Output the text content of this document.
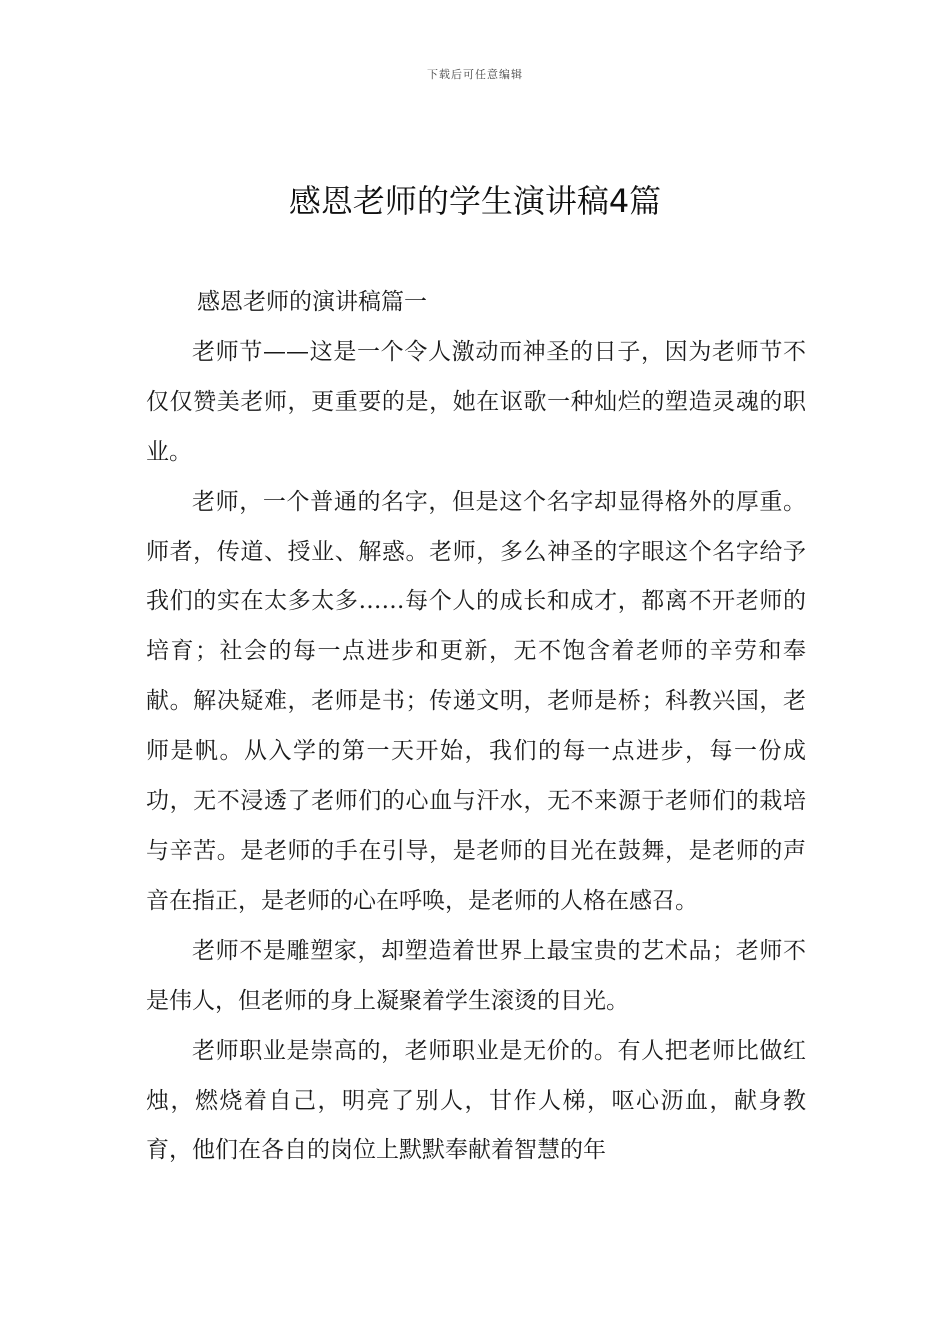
下载后可任意编辑
感恩老师的学生演讲稿4篇
感恩老师的演讲稿篇一

老师节——这是一个令人激动而神圣的日子，因为老师节不仅仅赞美老师，更重要的是，她在讴歌一种灿烂的塑造灵魂的职业。

老师，一个普通的名字，但是这个名字却显得格外的厚重。师者，传道、授业、解惑。老师，多么神圣的字眼这个名字给予我们的实在太多太多……每个人的成长和成才，都离不开老师的培育；社会的每一点进步和更新，无不饱含着老师的辛劳和奉献。解决疑难，老师是书；传递文明，老师是桥；科教兴国，老师是帆。从入学的第一天开始，我们的每一点进步，每一份成功，无不浸透了老师们的心血与汗水，无不来源于老师们的栽培与辛苦。是老师的手在引导，是老师的目光在鼓舞，是老师的声音在指正，是老师的心在呼唤，是老师的人格在感召。

老师不是雕塑家，却塑造着世界上最宝贵的艺术品；老师不是伟人，但老师的身上凝聚着学生滚烫的目光。

老师职业是崇高的，老师职业是无价的。有人把老师比做红烛，燃烧着自己，明亮了别人，甘作人梯，呕心沥血，献身教育，他们在各自的岗位上默默奉献着智慧的年
